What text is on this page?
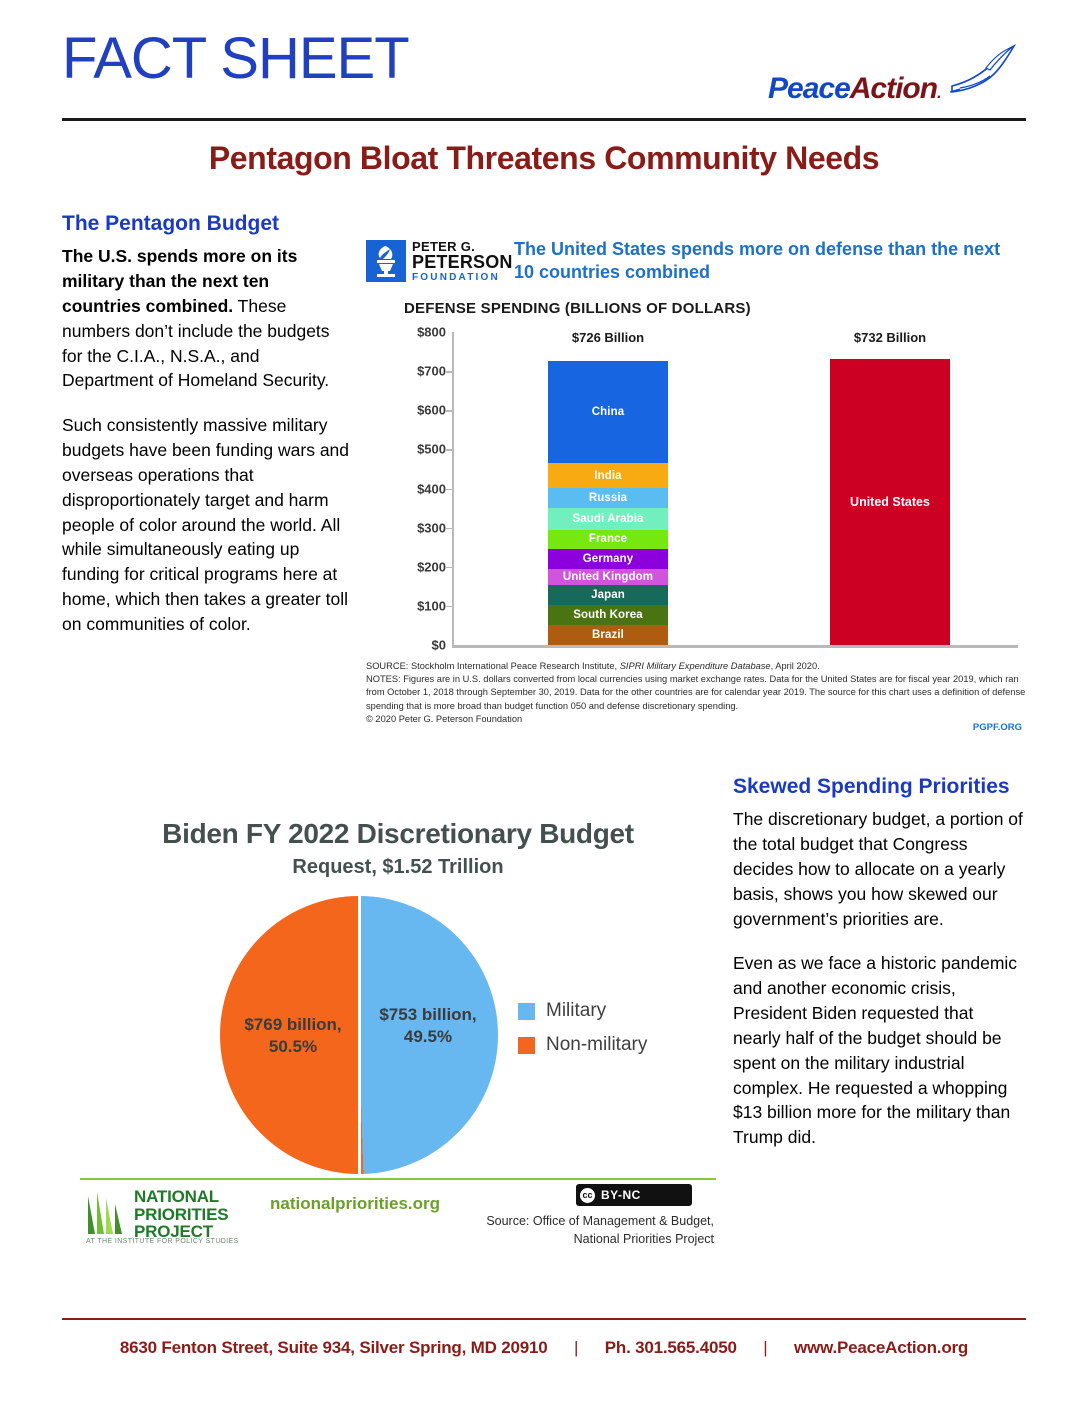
FACT SHEET	PeaceAction.
Pentagon Bloat Threatens Community Needs
The Pentagon Budget
The U.S. spends more on its military than the next ten countries combined. These numbers don’t include the budgets for the C.I.A., N.S.A., and Department of Homeland Security.
Such consistently massive military budgets have been funding wars and overseas operations that disproportionately target and harm people of color around the world. All while simultaneously eating up funding for critical programs here at home, which then takes a greater toll on communities of color.
PETER G.
PETERSON
FOUNDATION
The United States spends more on defense than the next 10 countries combined
DEFENSE SPENDING (BILLIONS OF DOLLARS)
$800
$700
$600
$500
$400
$300
$200
$100
$0
$726 Billion
China
India
Russia
Saudi Arabia
France
Germany
United Kingdom
Japan
South Korea
Brazil
$732 Billion
United States
SOURCE: Stockholm International Peace Research Institute, SIPRI Military Expenditure Database, April 2020.
NOTES: Figures are in U.S. dollars converted from local currencies using market exchange rates. Data for the United States are for fiscal year 2019, which ran from October 1, 2018 through September 30, 2019. Data for the other countries are for calendar year 2019. The source for this chart uses a definition of defense spending that is more broad than budget function 050 and defense discretionary spending.
© 2020 Peter G. Peterson Foundation
PGPF.ORG
Biden FY 2022 Discretionary Budget
Request, $1.52 Trillion
$753 billion,
49.5%
$769 billion,
50.5%
Military
Non-military
NATIONAL
PRIORITIES
PROJECT
AT THE INSTITUTE FOR POLICY STUDIES
nationalpriorities.org	cc BY-NC
Source: Office of Management & Budget,
National Priorities Project
Skewed Spending Priorities
The discretionary budget, a portion of the total budget that Congress decides how to allocate on a yearly basis, shows you how skewed our government’s priorities are.
Even as we face a historic pandemic and another economic crisis, President Biden requested that nearly half of the budget should be spent on the military industrial complex. He requested a whopping $13 billion more for the military than Trump did.
8630 Fenton Street, Suite 934, Silver Spring, MD 20910 | Ph. 301.565.4050 | www.PeaceAction.org
